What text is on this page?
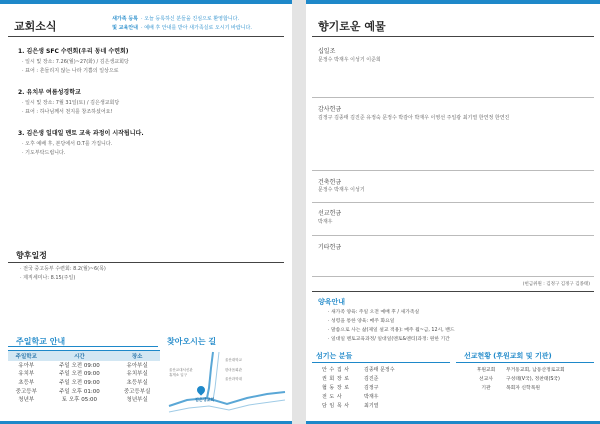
교회소식
새가족 등록
및 교육안내
· 오늘 등록하신 분들을 진심으로 환영합니다.
· 예배 후 안내를 받아 새가족실로 오시기 바랍니다.
1. 김은생 SFC 수련회(우리 동네 수련회)
· 일시 및 장소: 7.26(월)~27(화) / 김은생교회당
· 표어 : 흔들리지 않는 나라 기쁨의 일상으로
2. 유치부 여름성경학교
· 일시 및 장소: 7월 31일(토) / 김은생교회당
· 표어 : 하나님께서 천지를 창조하셨어요!
3. 김은생 일대일 멘토 교육 과정이 시작됩니다.
· 오후 예배 후, 본당에서 O.T를 가집니다.
· 기도부탁드립니다.
향후일정
· 전국 중고등부 수련회: 8.2(월)~6(목)
· 제직세미나: 8.15(주일)
주일학교 안내
주일학교	시간	장소
유아부	주일 오전 09:00	유아부실
유치부	주일 오전 09:00	유치부실
초등부	주일 오전 09:00	초등부실
중고등부	주일 오후 01:00	중고등부실
청년부	토 오후 05:00	청년부실
찾아오시는 길
김은생교회
울산교대서신관
휴게소 입구
울산대학교
한마음회관
울산과학대
향기로운 예물
십일조
문정수 박재우 이성기 이준희
감사헌금
김정구 김종태 김진준 유정숙 문정수 박감아 박재우 이영선 주일광 최기열 한연정 한연진
건축헌금
문정수 박재우 이성기
선교헌금
박재우
기타헌금
(헌금위원 : 김정구 김정구 김종태)
양육안내
· 새가족 양육: 주일 오전 예배 후 / 새가족실
· 성령을 통한 양육: 매주 화요일
· 말씀으로 사는 삶(제일 설교 적용): 매주 월~금, 12시, 밴드
· 일대일 멘토교육과정/ 일대일(멘토&멘티)과정: 원한 기간
섬기는 분들
안 수 집 사	김종태 문정수
권 회 장 로	김진준
협 동 장 로	김정구
전 도 사	박재우
담 임 목 사	최기열
선교현황 (후원교회 및 기관)
후원교회	무거동교회, 남동산정로교회
선교사	구성태(V국), 정찬태(S국)
기관	목회자 신학묵원
